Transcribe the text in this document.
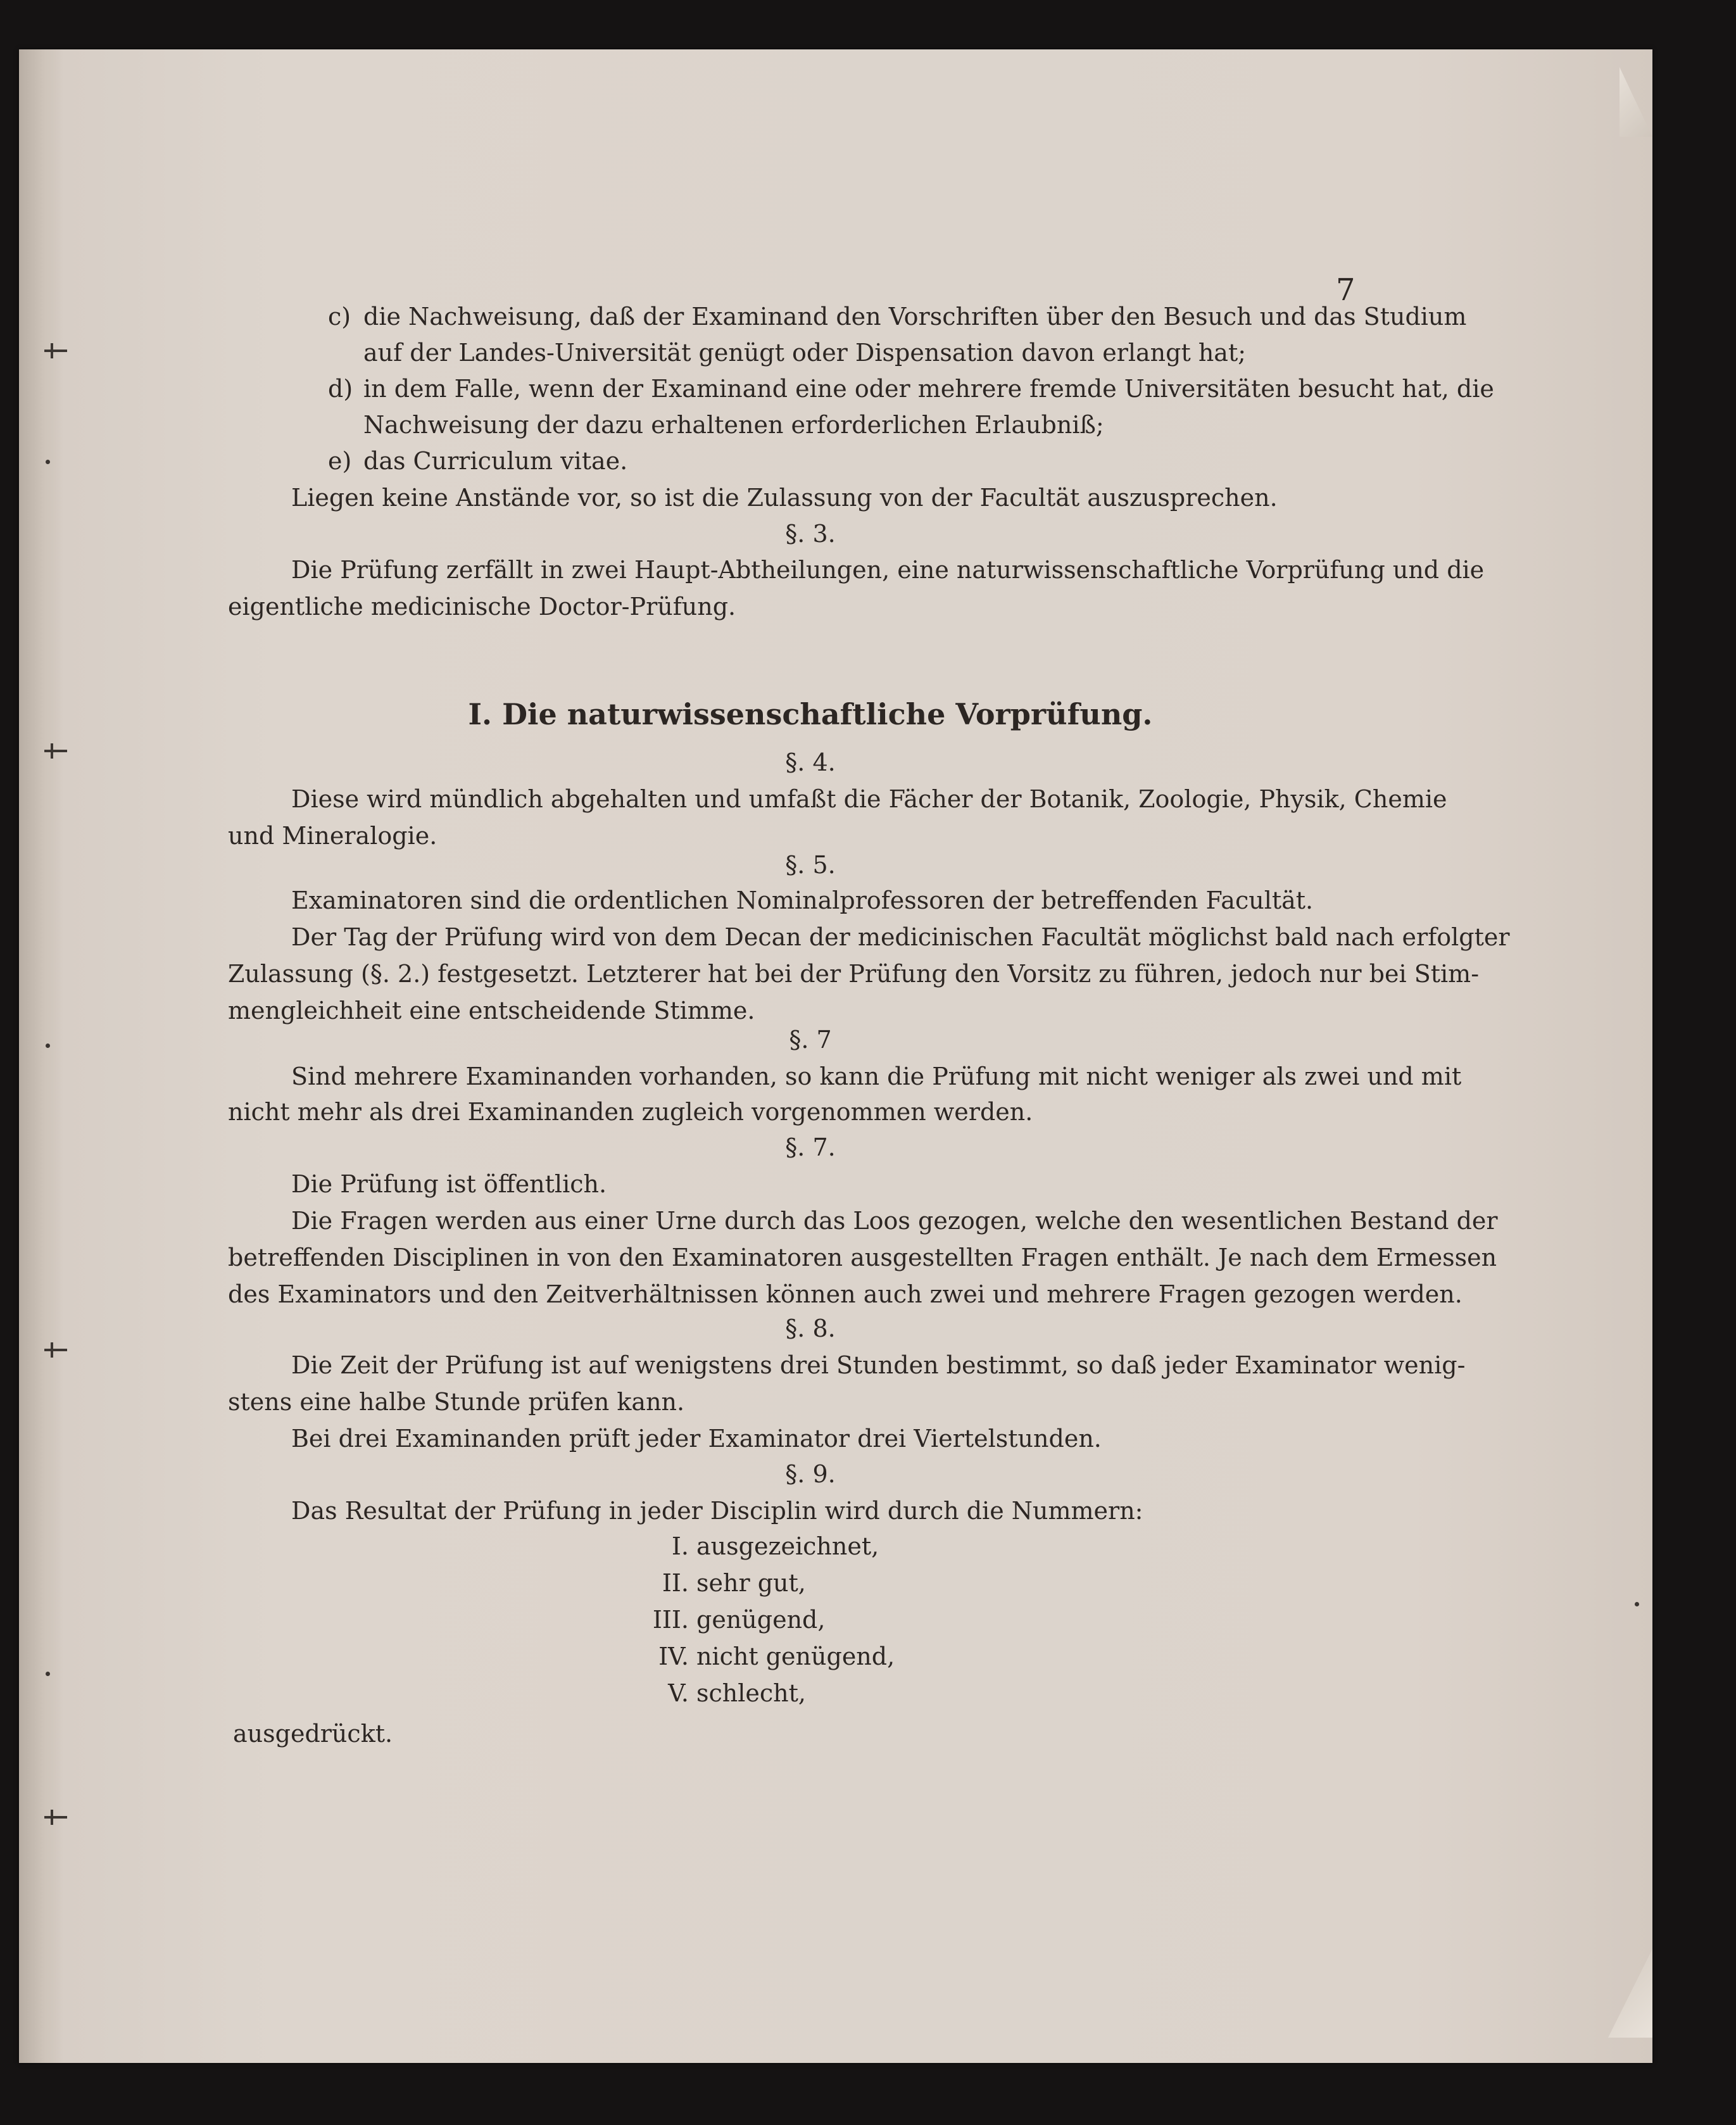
7
c) die Nachweisung, daß der Examinand den Vorschriften über den Besuch und das Studium
auf der Landes-Universität genügt oder Dispensation davon erlangt hat;
d) in dem Falle, wenn der Examinand eine oder mehrere fremde Universitäten besucht hat, die
Nachweisung der dazu erhaltenen erforderlichen Erlaubniß;
e) das Curriculum vitae.
Liegen keine Anstände vor, so ist die Zulassung von der Facultät auszusprechen.
§. 3.
Die Prüfung zerfällt in zwei Haupt-Abtheilungen, eine naturwissenschaftliche Vorprüfung und die
eigentliche medicinische Doctor-Prüfung.
I. Die naturwissenschaftliche Vorprüfung.
§. 4.
Diese wird mündlich abgehalten und umfaßt die Fächer der Botanik, Zoologie, Physik, Chemie
und Mineralogie.
§. 5.
Examinatoren sind die ordentlichen Nominalprofessoren der betreffenden Facultät.
Der Tag der Prüfung wird von dem Decan der medicinischen Facultät möglichst bald nach erfolgter
Zulassung (§. 2.) festgesetzt. Letzterer hat bei der Prüfung den Vorsitz zu führen, jedoch nur bei Stim-
mengleichheit eine entscheidende Stimme.
§. 7
Sind mehrere Examinanden vorhanden, so kann die Prüfung mit nicht weniger als zwei und mit
nicht mehr als drei Examinanden zugleich vorgenommen werden.
§. 7.
Die Prüfung ist öffentlich.
Die Fragen werden aus einer Urne durch das Loos gezogen, welche den wesentlichen Bestand der
betreffenden Disciplinen in von den Examinatoren ausgestellten Fragen enthält. Je nach dem Ermessen
des Examinators und den Zeitverhältnissen können auch zwei und mehrere Fragen gezogen werden.
§. 8.
Die Zeit der Prüfung ist auf wenigstens drei Stunden bestimmt, so daß jeder Examinator wenig-
stens eine halbe Stunde prüfen kann.
Bei drei Examinanden prüft jeder Examinator drei Viertelstunden.
§. 9.
Das Resultat der Prüfung in jeder Disciplin wird durch die Nummern:
I. ausgezeichnet,
II. sehr gut,
III. genügend,
IV. nicht genügend,
V. schlecht,
ausgedrückt.
